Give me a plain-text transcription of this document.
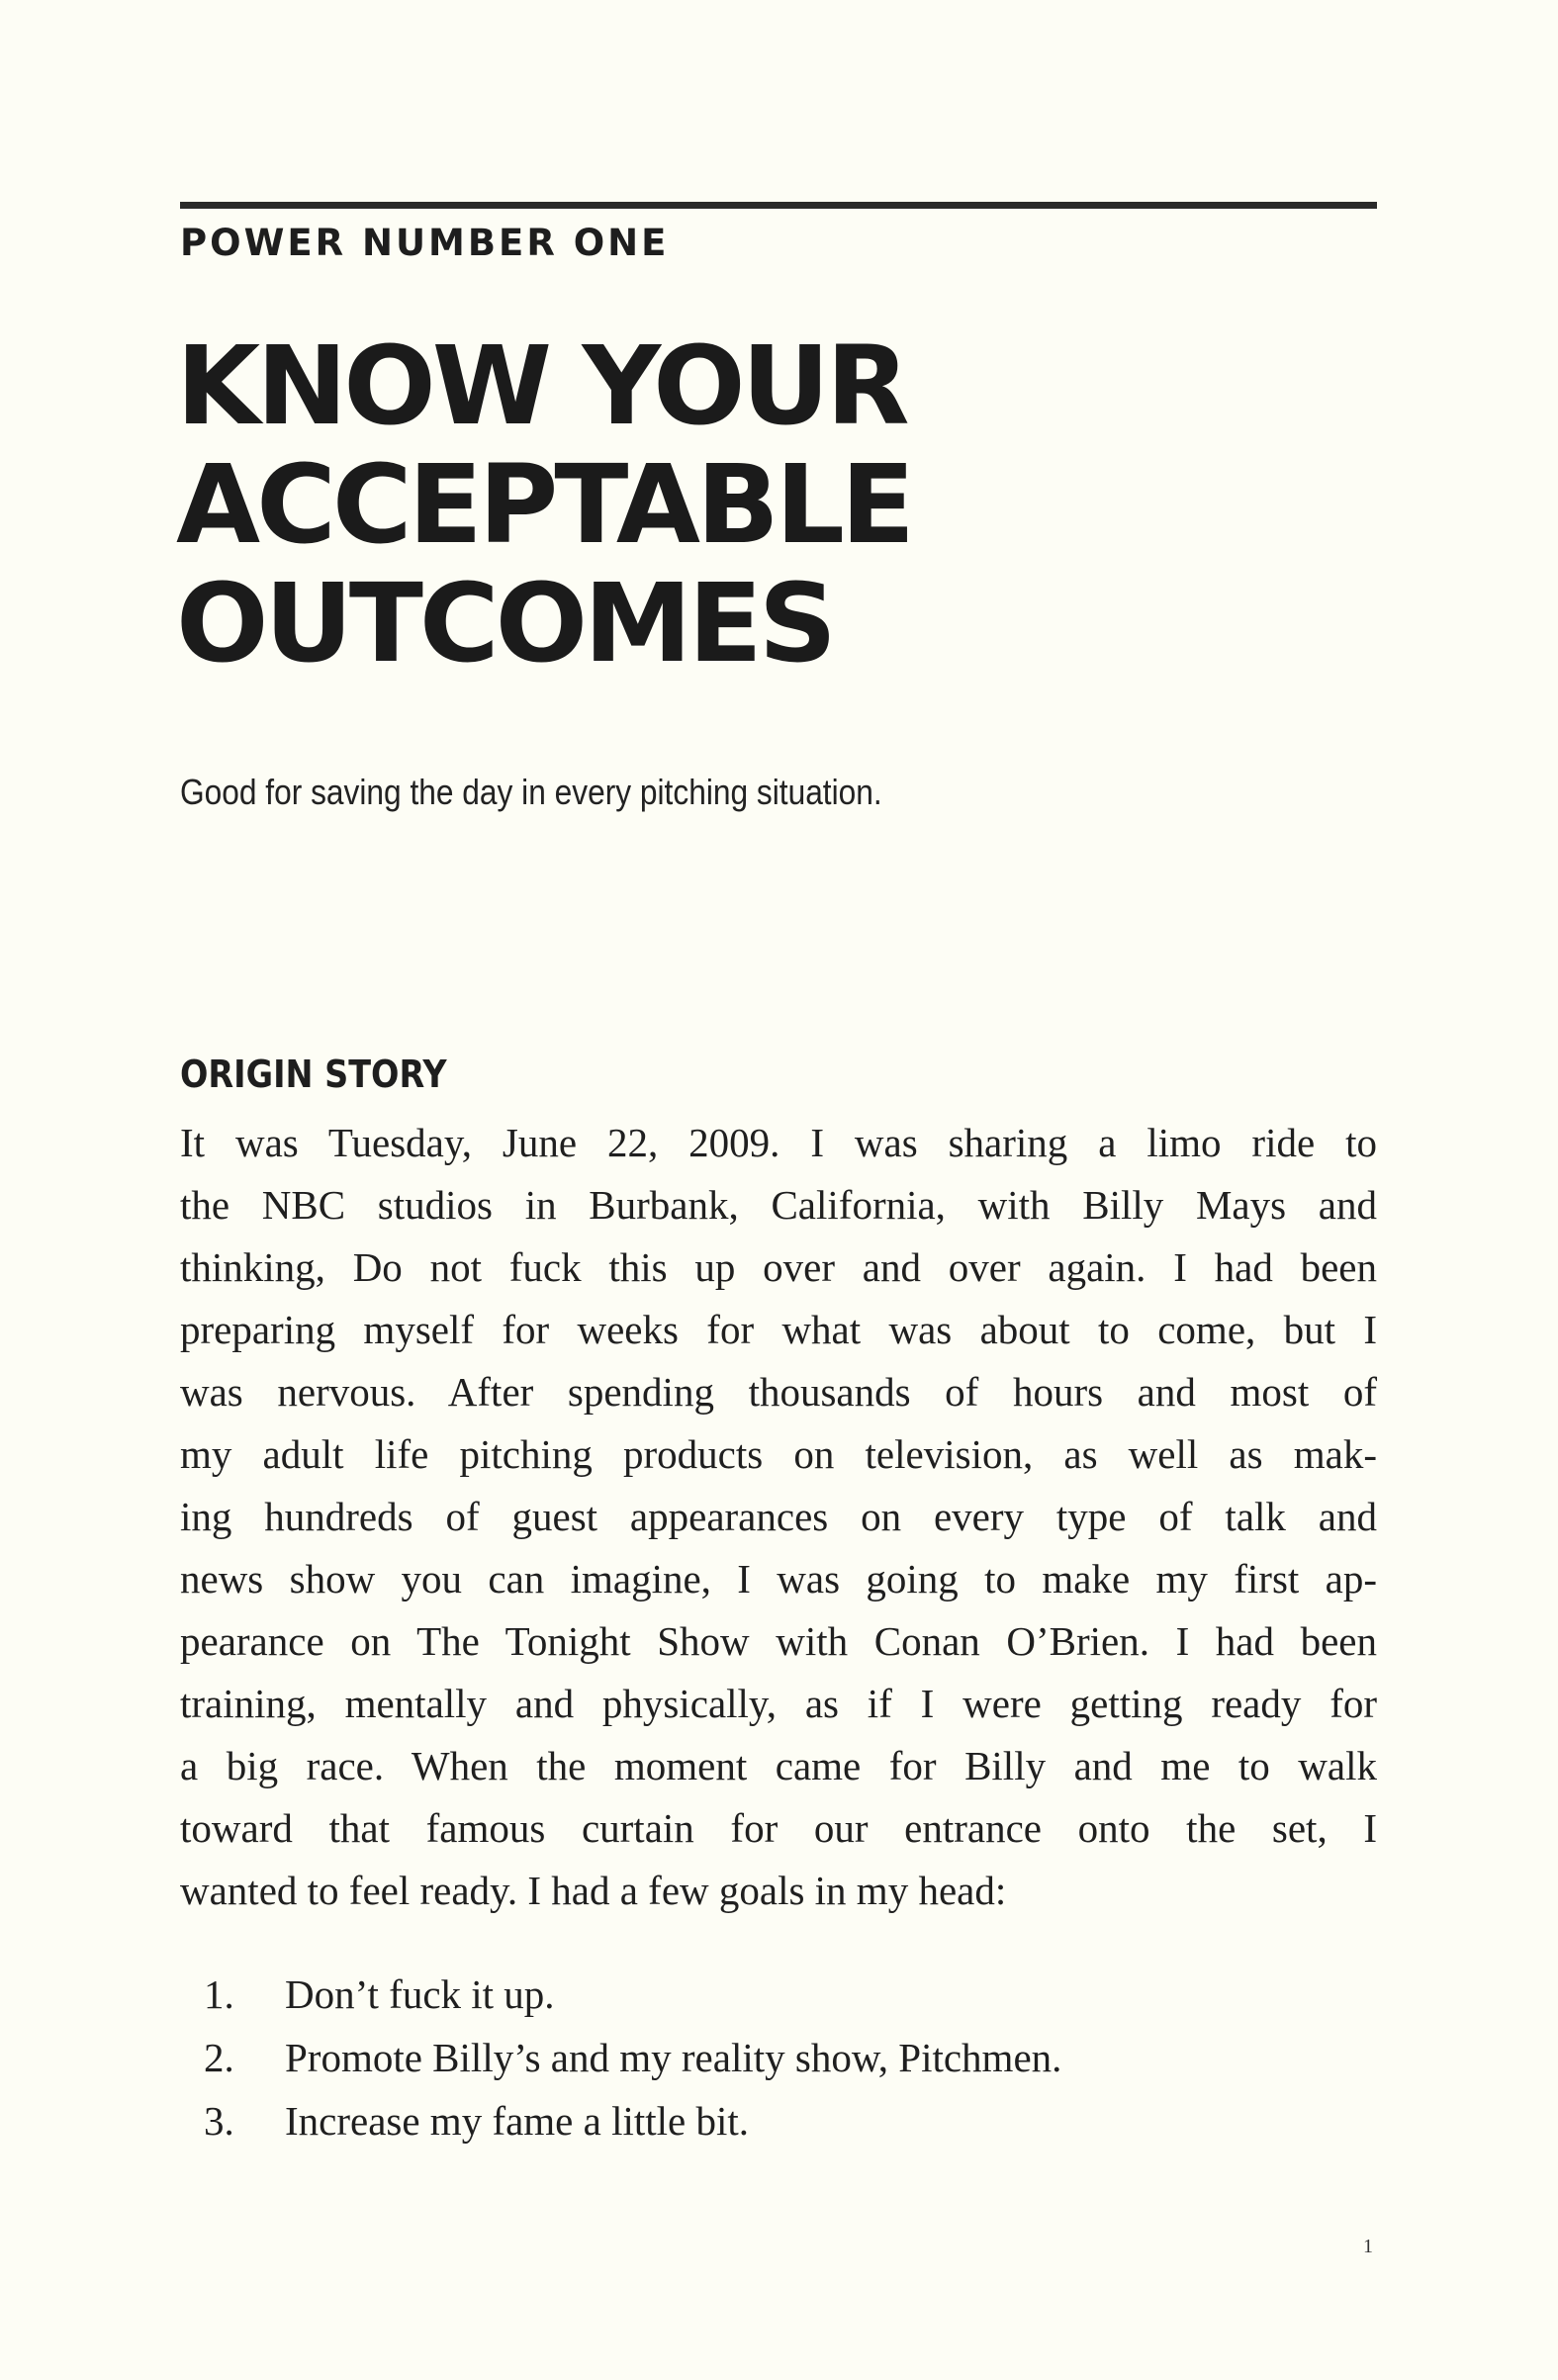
POWER NUMBER ONE
KNOW YOUR
ACCEPTABLE
OUTCOMES
Good for saving the day in every pitching situation.
ORIGIN STORY
It was Tuesday, June 22, 2009. I was sharing a limo ride to
the NBC studios in Burbank, California, with Billy Mays and
thinking, Do not fuck this up over and over again. I had been
preparing myself for weeks for what was about to come, but I
was nervous. After spending thousands of hours and most of
my adult life pitching products on television, as well as mak-
ing hundreds of guest appearances on every type of talk and
news show you can imagine, I was going to make my first ap-
pearance on The Tonight Show with Conan O’Brien. I had been
training, mentally and physically, as if I were getting ready for
a big race. When the moment came for Billy and me to walk
toward that famous curtain for our entrance onto the set, I
wanted to feel ready. I had a few goals in my head:
1. Don’t fuck it up.
2. Promote Billy’s and my reality show, Pitchmen.
3. Increase my fame a little bit.
1
